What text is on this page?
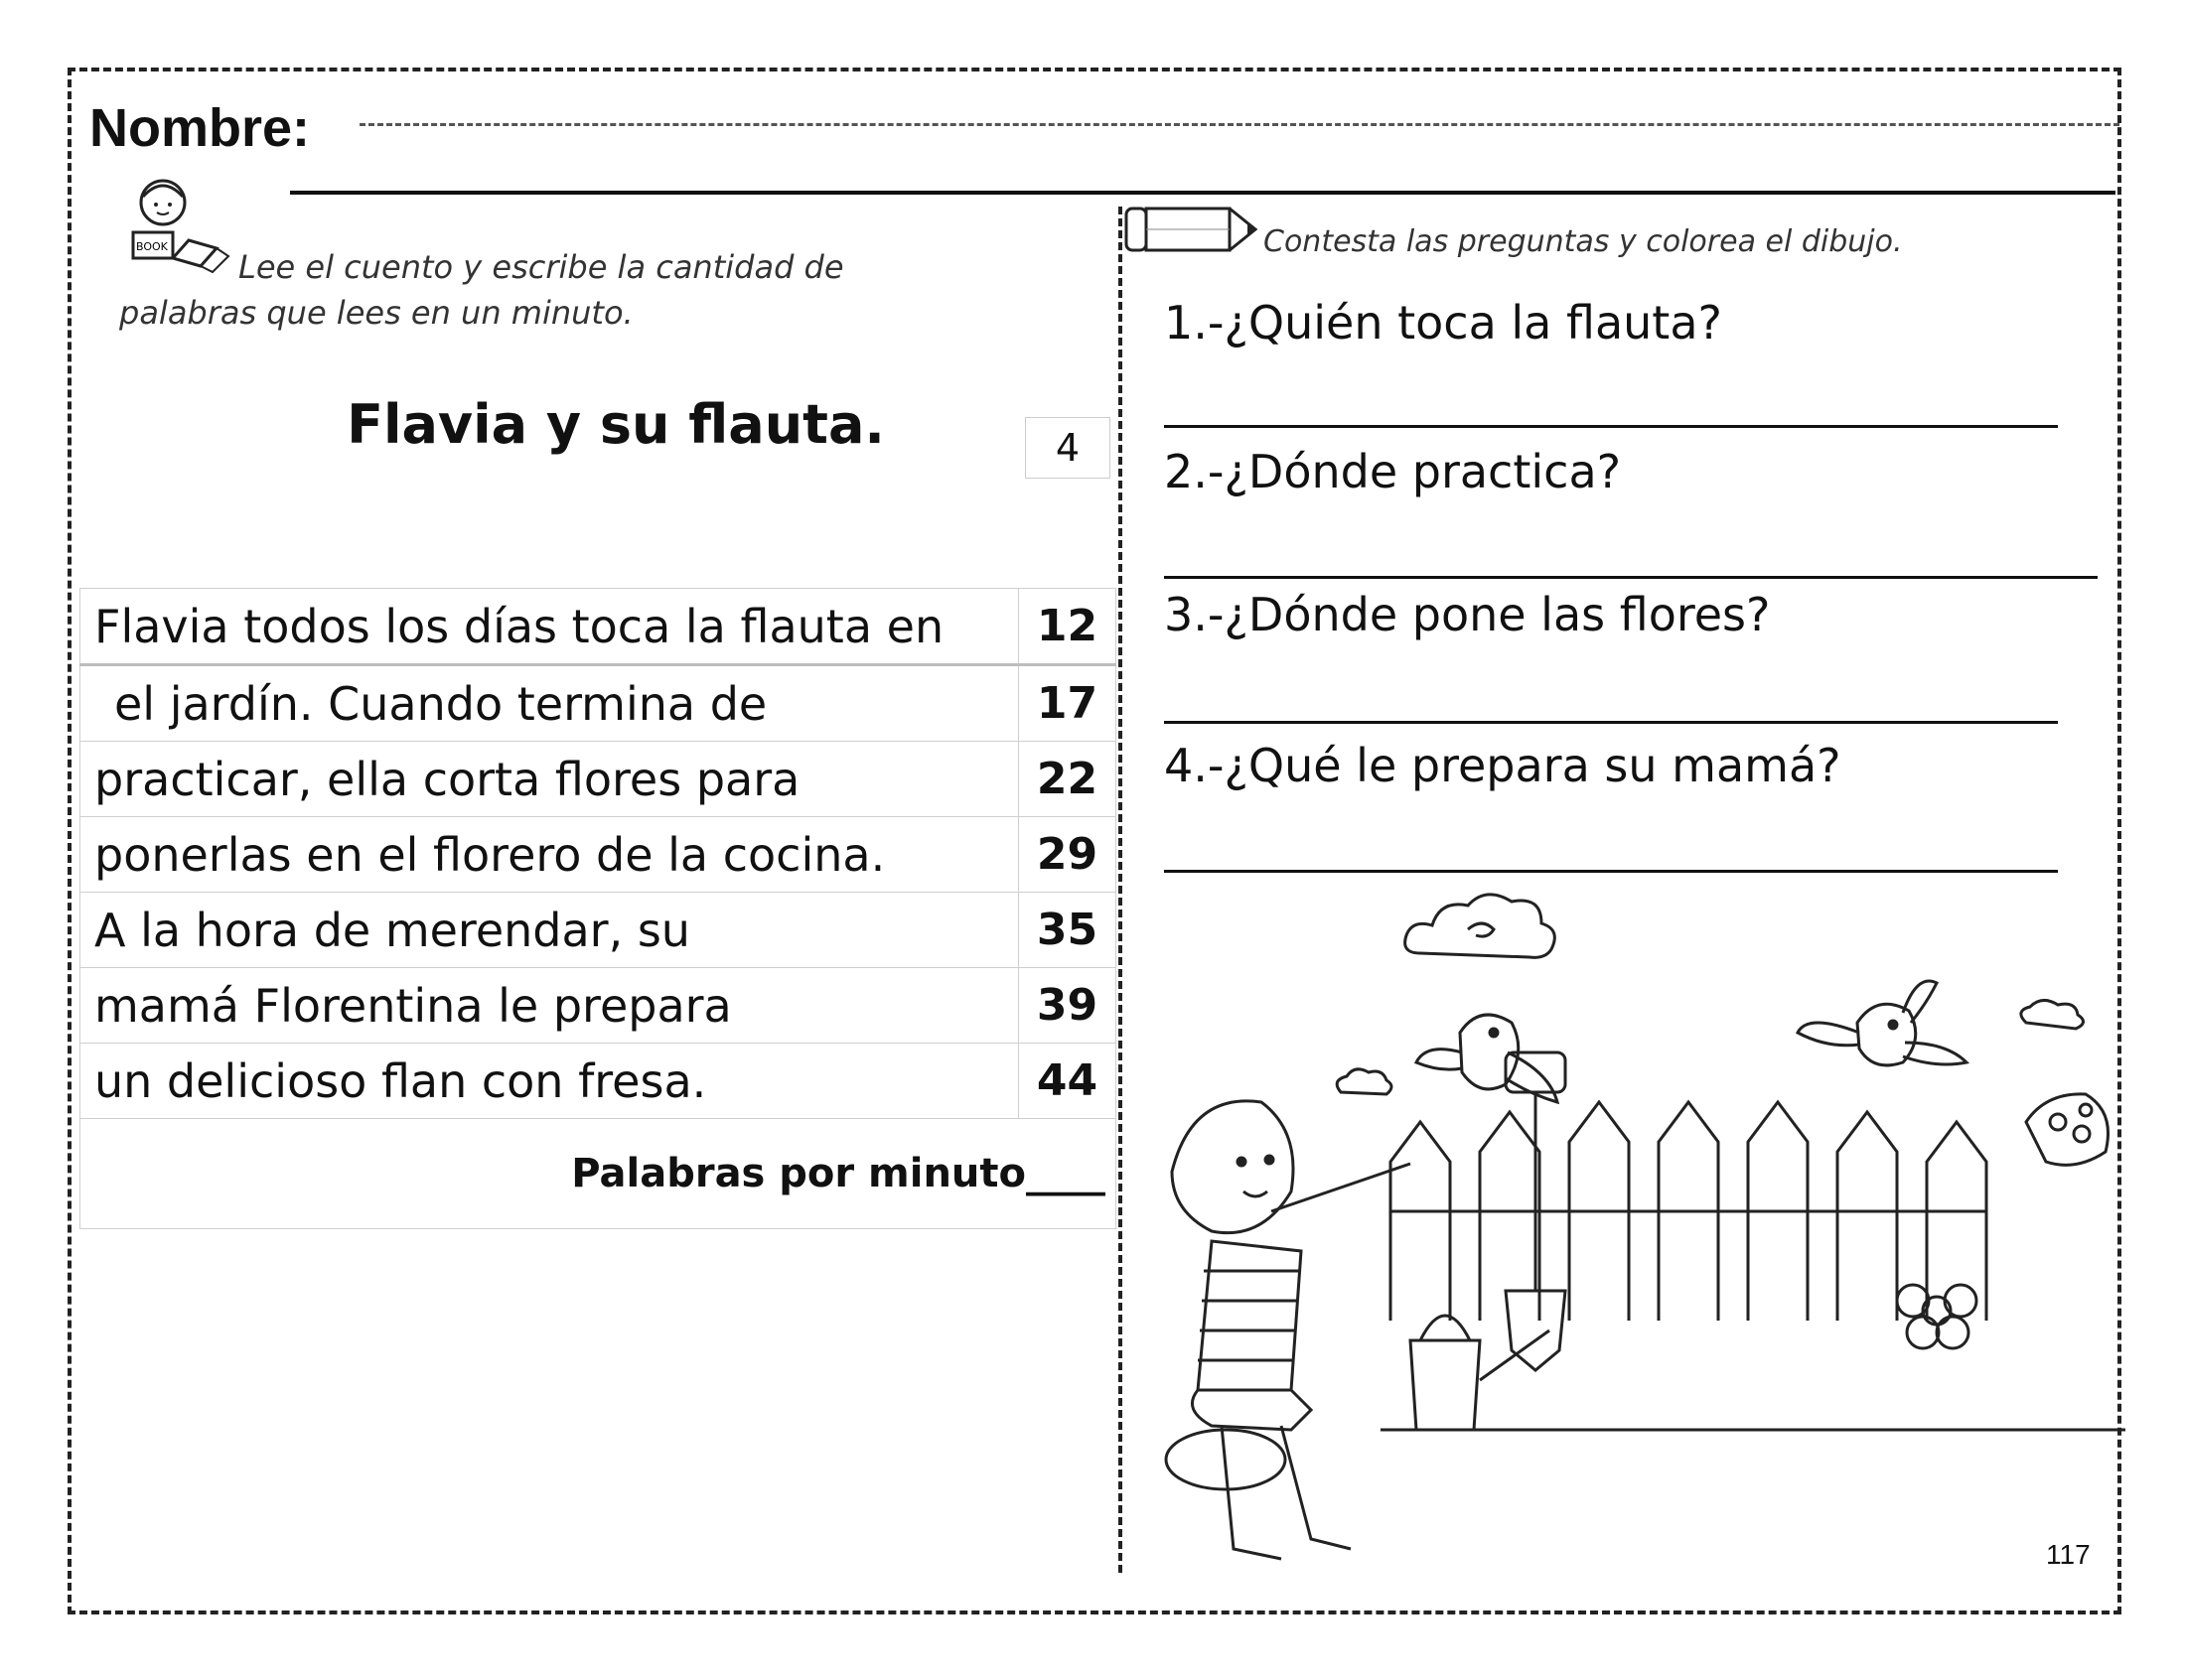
Nombre:
BOOK
Lee el cuento y escribe la cantidad de
palabras que lees en un minuto.
Flavia y su flauta.	4
Flavia todos los días toca la flauta en	12
el jardín. Cuando termina de	17
practicar, ella corta flores para	22
ponerlas en el florero de la cocina.	29
A la hora de merendar, su	35
mamá Florentina le prepara	39
un delicioso flan con fresa.	44
Palabras por minuto____	
Contesta las preguntas y colorea el dibujo.
1.-¿Quién toca la flauta?
2.-¿Dónde practica?
3.-¿Dónde pone las flores?
4.-¿Qué le prepara su mamá?
117
